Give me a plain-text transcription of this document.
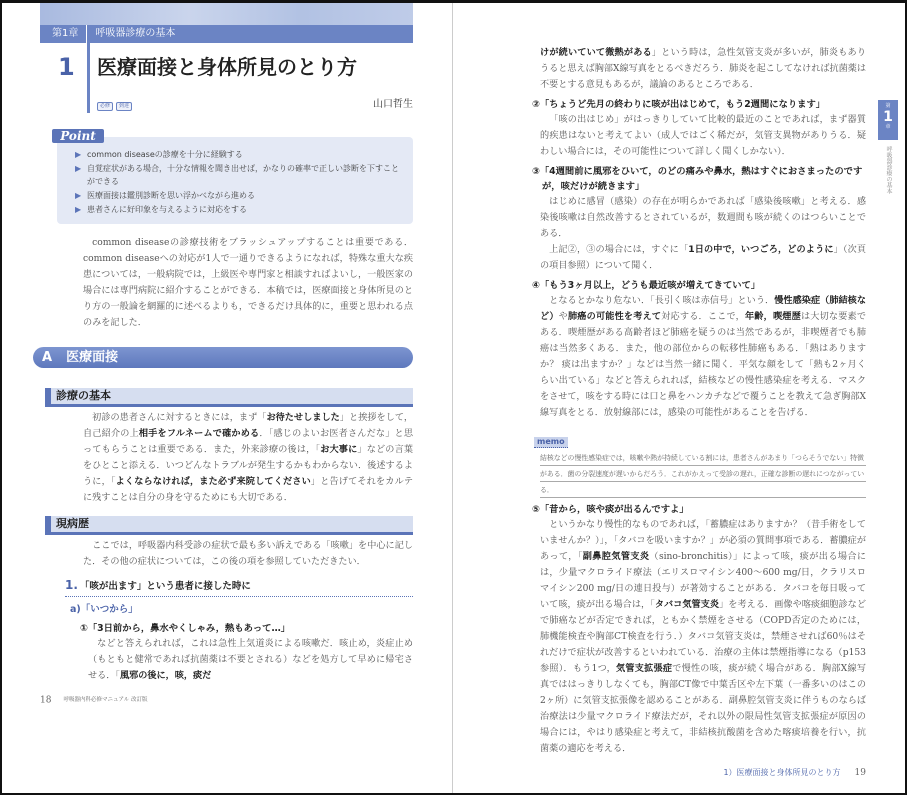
第1章 呼吸器診療の基本
1	医療面接と身体所見のとり方
必修	到達	山口哲生
Point
▶ common diseaseの診療を十分に経験する
▶ 自覚症状がある場合，十分な情報を聞き出せば，かなりの確率で正しい診断を下すことができる
▶ 医療面接は鑑別診断を思い浮かべながら進める
▶ 患者さんに好印象を与えるように対応をする

common diseaseの診療技術をブラッシュアップすることは重要である．common diseaseへの対応が1人で一通りできるようになれば，特殊な重大な疾患については，一般病院では，上級医や専門家と相談すればよいし，一般医家の場合には専門病院に紹介することができる．本稿では，医療面接と身体所見のとり方の一般論を網羅的に述べるよりも，できるだけ具体的に，重要と思われる点のみを記した．

A 医療面接
診療の基本

初診の患者さんに対するときには，まず「お待たせしました」と挨拶をして，自己紹介の上相手をフルネームで確かめる．「感じのよいお医者さんだな」と思ってもらうことは重要である．また，外来診療の後は，「お大事に」などの言葉をひとこと添える．いつどんなトラブルが発生するかもわからない．後述するように，「よくならなければ，また必ず来院してください」と告げてそれをカルテに残すことは自分の身を守るためにも大切である．

現病歴

ここでは，呼吸器内科受診の症状で最も多い訴えである「咳嗽」を中心に記した．その他の症状については，この後の項を参照していただきたい．

1. 「咳が出ます」という患者に接した時に
a)「いつから」
①「3日前から，鼻水やくしゃみ，熱もあって…」

などと答えられれば，これは急性上気道炎による咳嗽だ．咳止め，炎症止め（もともと健常であれば抗菌薬は不要とされる）などを処方して早めに帰宅させる．「風邪の後に，咳，痰だ

18 呼吸器内科必修マニュアル 改訂版

けが続いていて微熱がある」という時は，急性気管支炎が多いが，肺炎もありうると思えば胸部X線写真をとるべきだろう．肺炎を起こしてなければ抗菌薬は不要とする意見もあるが，議論のあるところである．

②「ちょうど先月の終わりに咳が出はじめて，もう2週間になります」

「咳の出はじめ」がはっきりしていて比較的最近のことであれば，まず器質的疾患はないと考えてよい（成人ではごく稀だが，気管支異物がありうる．疑わしい場合には，その可能性について詳しく聞くしかない）．

③「4週間前に風邪をひいて，のどの痛みや鼻水，熱はすぐにおさまったのですが，咳だけが続きます」

はじめに感冒（感染）の存在が明らかであれば「感染後咳嗽」と考える．感染後咳嗽は自然改善するとされているが，数週間も咳が続くのはつらいことである．

上記②，③の場合には，すぐに「1日の中で，いつごろ，どのように」（次頁の項目参照）について聞く．

④「もう3ヶ月以上，どうも最近咳が増えてきていて」

となるとかなり危ない．「長引く咳は赤信号」という．慢性感染症（肺結核など）や肺癌の可能性を考えて対応する．ここで，年齢，喫煙歴は大切な要素である．喫煙歴がある高齢者ほど肺癌を疑うのは当然であるが，非喫煙者でも肺癌は当然多くある．また，他の部位からの転移性肺癌もある．「熱はありますか？ 痰は出ますか？」などは当然一緒に聞く．平気な顔をして「熱も2ヶ月くらい出ている」などと答えられれば，結核などの慢性感染症を考える．マスクをさせて，咳をする時には口と鼻をハンカチなどで覆うことを教えて急ぎ胸部X線写真をとる．放射線部には，感染の可能性があることを告げる．

memo
結核などの慢性感染症では，咳嗽や熱が持続している割には，患者さんがあまり「つらそうでない」特徴がある．菌の分裂速度が遅いからだろう．これがかえって受診の遅れ，正確な診断の遅れにつながっている．
⑤「昔から，咳や痰が出るんですよ」

というかなり慢性的なものであれば，「蓄膿症はありますか？（昔手術をしていませんか？）」，「タバコを吸いますか？」が必須の質問事項である．蓄膿症があって，「副鼻腔気管支炎（sino-bronchitis）」によって咳，痰が出る場合には，少量マクロライド療法（エリスロマイシン400～600 mg/日，クラリスロマイシン200 mg/日の連日投与）が著効することがある．タバコを毎日吸っていて咳，痰が出る場合は，「タバコ気管支炎」を考える．画像や喀痰細胞診などで肺癌などが否定できれば，ともかく禁煙をさせる（COPD否定のためには，肺機能検査や胸部CT検査を行う．）タバコ気管支炎は，禁煙させれば60％はそれだけで症状が改善するといわれている．治療の主体は禁煙指導になる（p153参照）．もう1つ，気管支拡張症で慢性の咳，痰が続く場合がある．胸部X線写真でははっきりしなくても，胸部CT像で中葉舌区や左下葉（一番多いのはこの2ヶ所）に気管支拡張像を認めることがある．副鼻腔気管支炎に伴うものならば治療法は少量マクロライド療法だが，それ以外の限局性気管支拡張症が原因の場合には，やはり感染症と考えて，非結核抗酸菌を含めた喀痰培養を行い，抗菌薬の適応を考える．

1）医療面接と身体所見のとり方 19
第
1
章
呼吸器診療の基本
